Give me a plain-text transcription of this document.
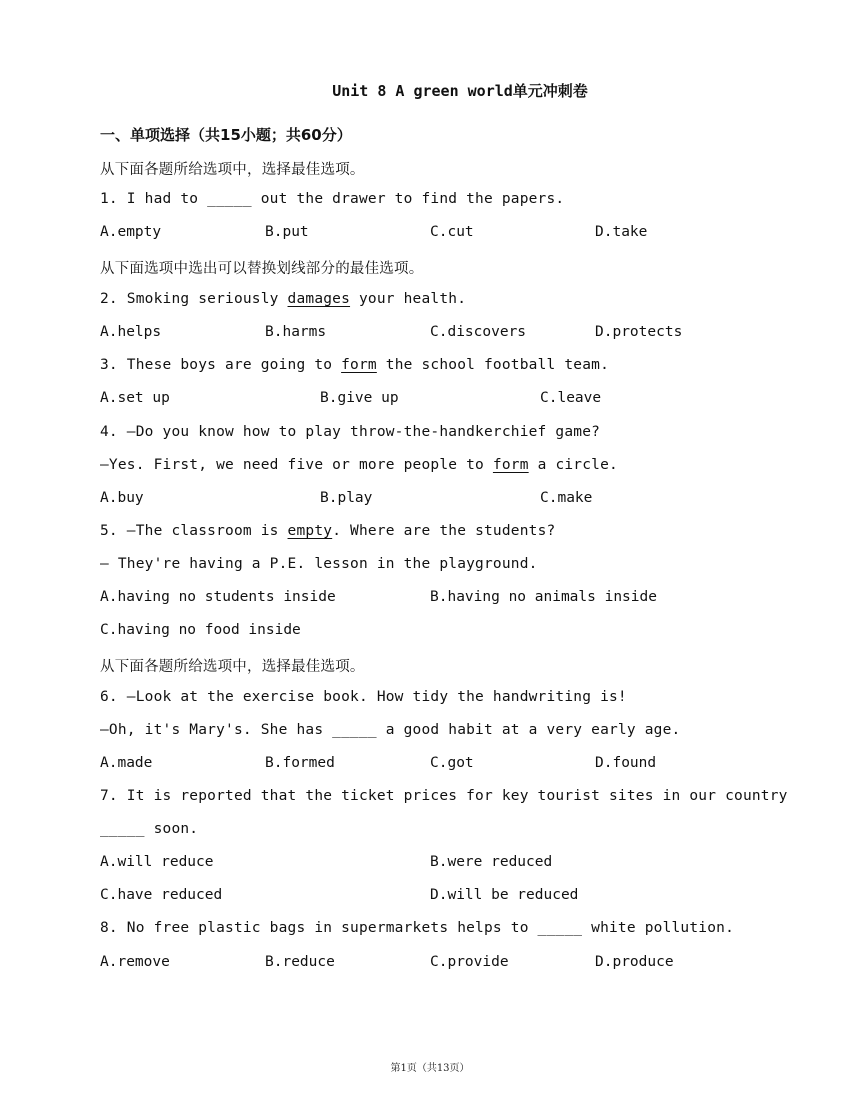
Unit 8 A green world单元冲刺卷
一、单项选择（共15小题；共60分）
从下面各题所给选项中，选择最佳选项。
1. I had to _____ out the drawer to find the papers.
A.empty	B.put	C.cut	D.take
从下面选项中选出可以替换划线部分的最佳选项。
2. Smoking seriously damages your health.
A.helps	B.harms	C.discovers	D.protects
3. These boys are going to form the school football team.
A.set up	B.give up	C.leave
4. —Do you know how to play throw-the-handkerchief game?
—Yes. First, we need five or more people to form a circle.
A.buy	B.play	C.make
5. —The classroom is empty. Where are the students?
— They're having a P.E. lesson in the playground.
A.having no students inside	B.having no animals inside
C.having no food inside
从下面各题所给选项中，选择最佳选项。
6. —Look at the exercise book. How tidy the handwriting is!
—Oh, it's Mary's. She has _____ a good habit at a very early age.
A.made	B.formed	C.got	D.found
7. It is reported that the ticket prices for key tourist sites in our country
_____ soon.
A.will reduce	B.were reduced
C.have reduced	D.will be reduced
8. No free plastic bags in supermarkets helps to _____ white pollution.
A.remove	B.reduce	C.provide	D.produce
第1页（共13页）
